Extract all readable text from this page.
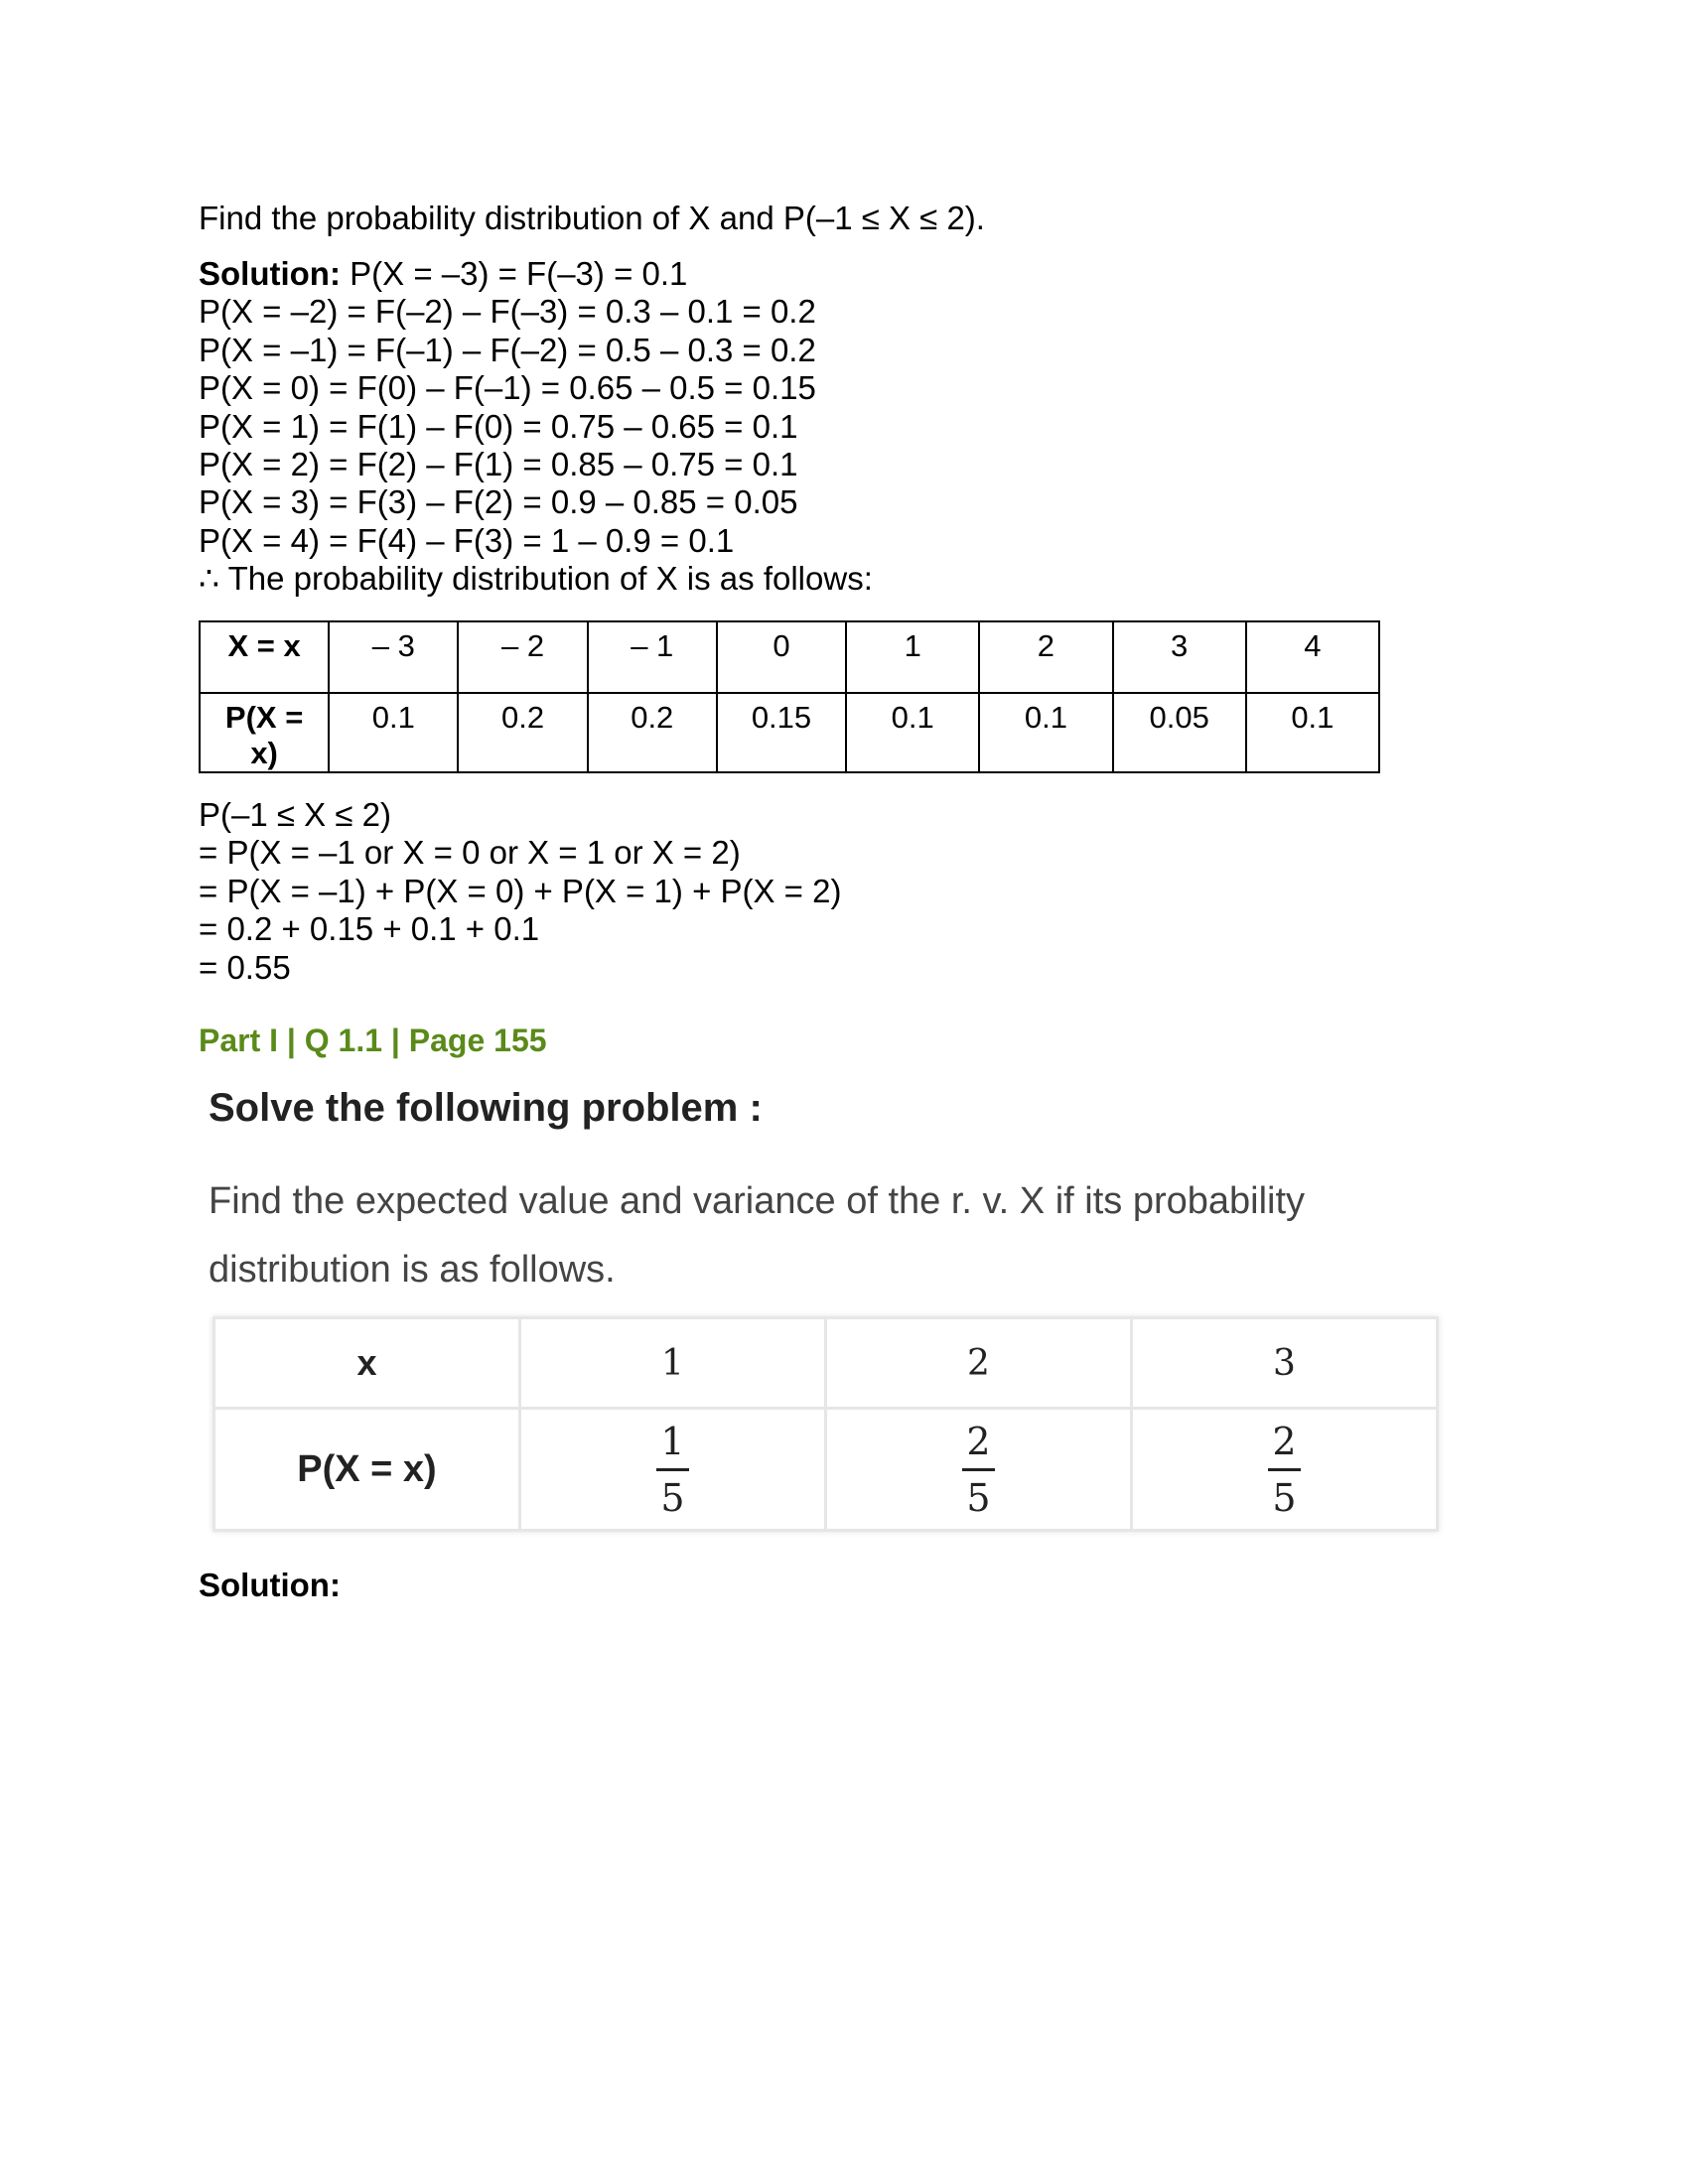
Find the probability distribution of X and P(–1 ≤ X ≤ 2).
Solution: P(X = –3) = F(–3) = 0.1
P(X = –2) = F(–2) – F(–3) = 0.3 – 0.1 = 0.2
P(X = –1) = F(–1) – F(–2) = 0.5 – 0.3 = 0.2
P(X = 0) = F(0) – F(–1) = 0.65 – 0.5 = 0.15
P(X = 1) = F(1) – F(0) = 0.75 – 0.65 = 0.1
P(X = 2) = F(2) – F(1) = 0.85 – 0.75 = 0.1
P(X = 3) = F(3) – F(2) = 0.9 – 0.85 = 0.05
P(X = 4) = F(4) – F(3) = 1 – 0.9 = 0.1
∴ The probability distribution of X is as follows:
X = x	– 3	– 2	– 1	0	1	2	3	4

P(X =
x)	0.1	0.2	0.2	0.15	0.1	0.1	0.05	0.1
P(–1 ≤ X ≤ 2)
= P(X = –1 or X = 0 or X = 1 or X = 2)
= P(X = –1) + P(X = 0) + P(X = 1) + P(X = 2)
= 0.2 + 0.15 + 0.1 + 0.1
= 0.55
Part I | Q 1.1 | Page 155
Solve the following problem :
Find the expected value and variance of the r. v. X if its probability distribution is as follows.
x	1	2	3
P(X = x)	$\frac{1}{5}$	$\frac{2}{5}$	$\frac{2}{5}$
Solution:
